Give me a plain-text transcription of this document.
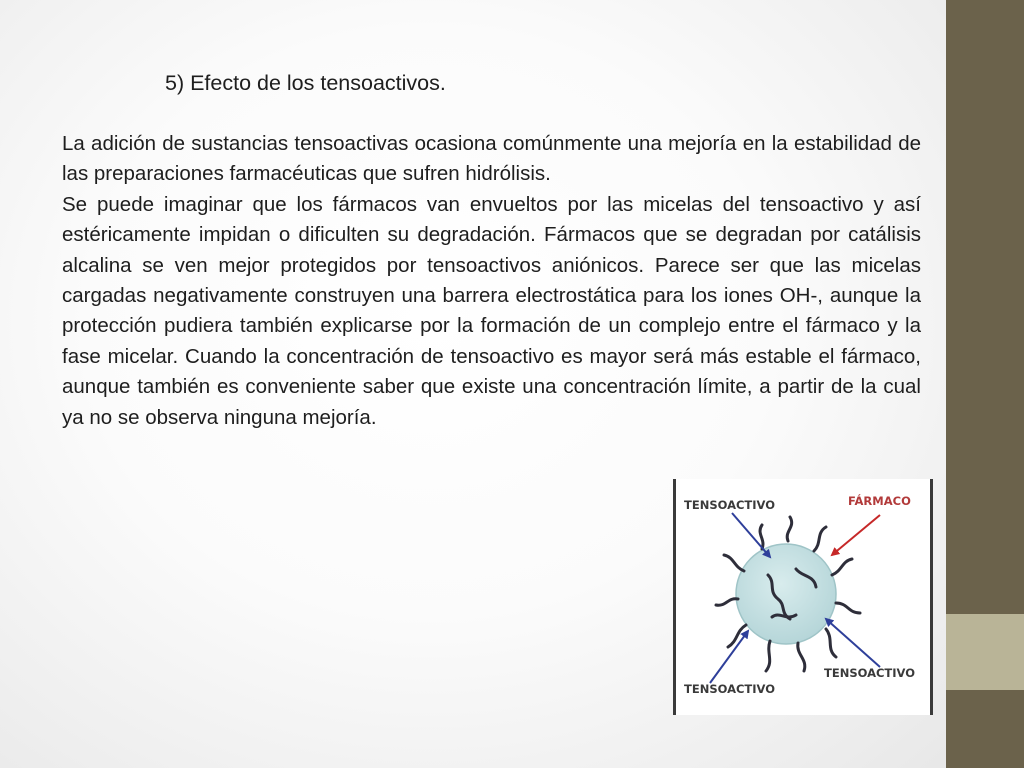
5) Efecto de los tensoactivos.

La adición de sustancias tensoactivas ocasiona comúnmente una mejoría en la estabilidad de las preparaciones farmacéuticas que sufren hidrólisis.

Se puede imaginar que los fármacos van envueltos por las micelas del tensoactivo y así estéricamente impidan o dificulten su degradación. Fármacos que se degradan por catálisis alcalina se ven mejor protegidos por tensoactivos aniónicos. Parece ser que las micelas cargadas negativamente construyen una barrera electrostática para los iones OH-, aunque la protección pudiera también explicarse por la formación de un complejo entre el fármaco y la fase micelar. Cuando la concentración de tensoactivo es mayor será más estable el fármaco, aunque también es conveniente saber que existe una concentración límite, a partir de la cual ya no se observa ninguna mejoría.

TENSOACTIVO	FÁRMACO
TENSOACTIVO
TENSOACTIVO
